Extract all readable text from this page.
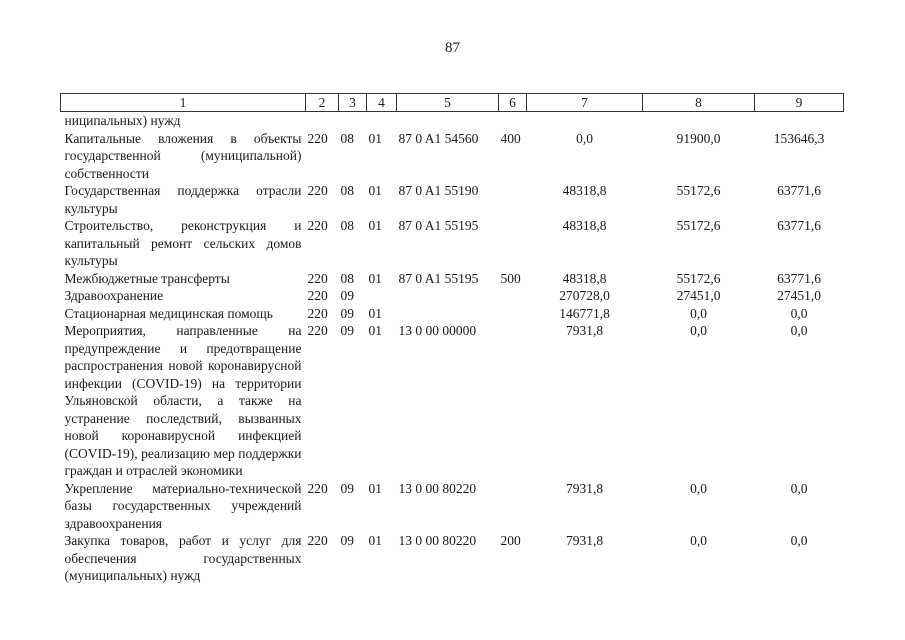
87
1	2	3	4	5	6	7	8	9
ниципальных) нужд								
Капитальные вложения в объекты государственной (муниципальной) собственности	220	08	01	87 0 A1 54560	400	0,0	91900,0	153646,3
Государственная поддержка отрасли культуры	220	08	01	87 0 A1 55190		48318,8	55172,6	63771,6
Строительство, реконструкция и капитальный ремонт сельских домов культуры	220	08	01	87 0 A1 55195		48318,8	55172,6	63771,6
Межбюджетные трансферты	220	08	01	87 0 A1 55195	500	48318,8	55172,6	63771,6
Здравоохранение	220	09				270728,0	27451,0	27451,0
Стационарная медицинская помощь	220	09	01			146771,8	0,0	0,0
Мероприятия, направленные на предупреждение и предотвращение распространения новой коронавирусной инфекции (COVID-19) на территории Ульяновской области, а также на устранение последствий, вызванных новой коронавирусной инфекцией (COVID-19), реализацию мер поддержки граждан и отраслей экономики	220	09	01	13 0 00 00000		7931,8	0,0	0,0
Укрепление материально-технической базы государственных учреждений здравоохранения	220	09	01	13 0 00 80220		7931,8	0,0	0,0
Закупка товаров, работ и услуг для обеспечения государственных (муниципальных) нужд	220	09	01	13 0 00 80220	200	7931,8	0,0	0,0
